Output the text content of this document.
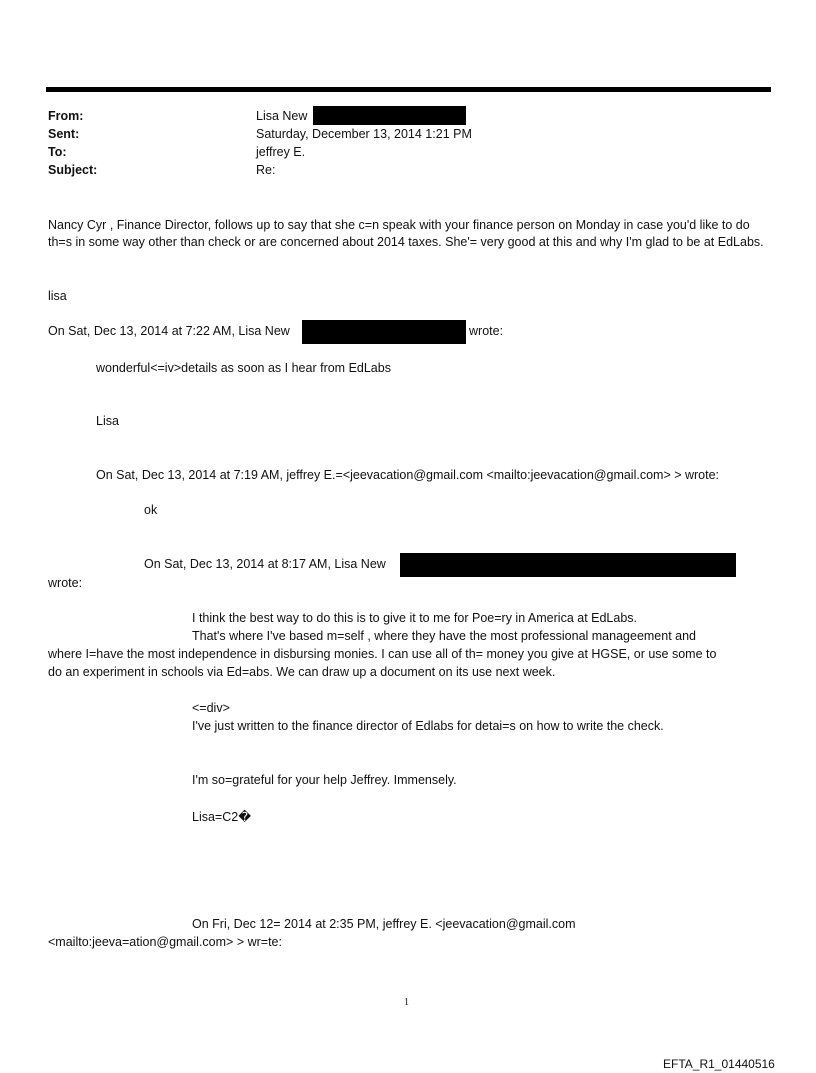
From:	Lisa New
Sent:	Saturday, December 13, 2014 1:21 PM
To:	jeffrey E.
Subject:	Re:
Nancy Cyr , Finance Director, follows up to say that she c=n speak with your finance person on Monday in case you'd like to do th=s in some way other than check or are concerned about 2014 taxes. She'= very good at this and why I'm glad to be at EdLabs.
lisa
On Sat, Dec 13, 2014 at 7:22 AM, Lisa New	wrote:
wonderful<=iv>details as soon as I hear from EdLabs
Lisa
On Sat, Dec 13, 2014 at 7:19 AM, jeffrey E.=<jeevacation@gmail.com <mailto:jeevacation@gmail.com> > wrote:
ok
On Sat, Dec 13, 2014 at 8:17 AM, Lisa New
wrote:
I think the best way to do this is to give it to me for Poe=ry in America at EdLabs.
That's where I've based m=self , where they have the most professional manageement and
where I=have the most independence in disbursing monies. I can use all of th= money you give at HGSE, or use some to
do an experiment in schools via Ed=abs. We can draw up a document on its use next week.
<=div>
I've just written to the finance director of Edlabs for detai=s on how to write the check.
I'm so=grateful for your help Jeffrey. Immensely.
Lisa=C2�
On Fri, Dec 12= 2014 at 2:35 PM, jeffrey E. <jeevacation@gmail.com
<mailto:jeeva=ation@gmail.com> > wr=te:
1
EFTA_R1_01440516
